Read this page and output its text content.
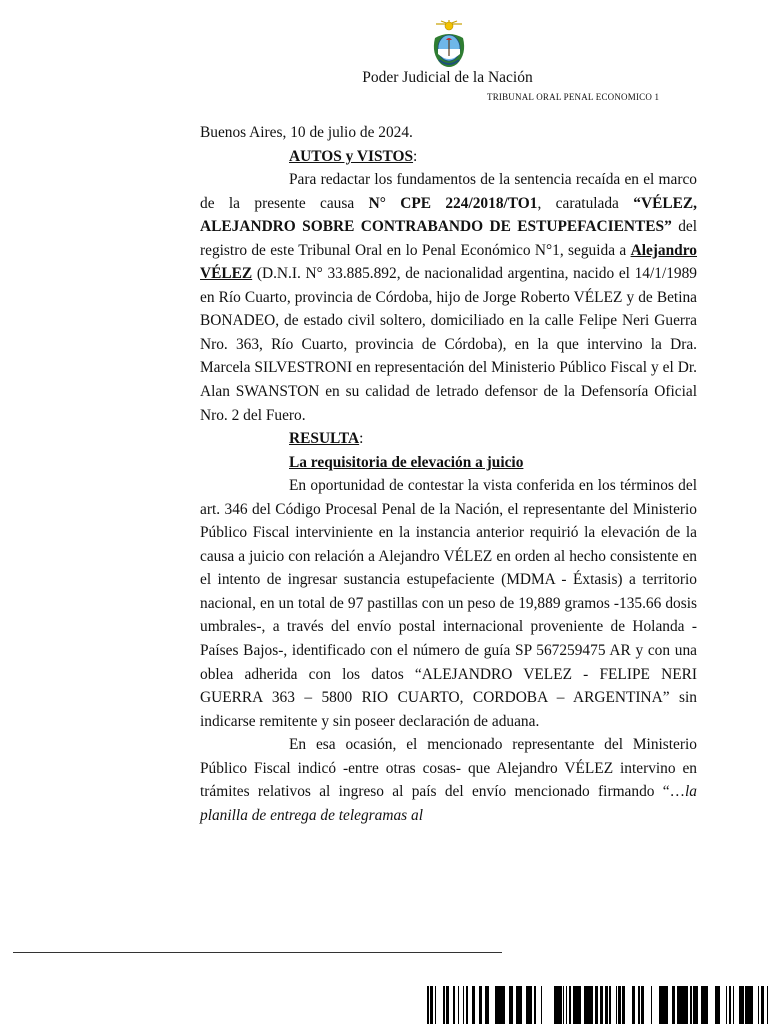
Poder Judicial de la Nación
TRIBUNAL ORAL PENAL ECONOMICO 1

Buenos Aires, 10 de julio de 2024.

AUTOS y VISTOS:

Para redactar los fundamentos de la sentencia recaída en el marco de la presente causa N° CPE 224/2018/TO1, caratulada “VÉLEZ, ALEJANDRO SOBRE CONTRABANDO DE ESTUPEFACIENTES” del registro de este Tribunal Oral en lo Penal Económico N°1, seguida a Alejandro VÉLEZ (D.N.I. N° 33.885.892, de nacionalidad argentina, nacido el 14/1/1989 en Río Cuarto, provincia de Córdoba, hijo de Jorge Roberto VÉLEZ y de Betina BONADEO, de estado civil soltero, domiciliado en la calle Felipe Neri Guerra Nro. 363, Río Cuarto, provincia de Córdoba), en la que intervino la Dra. Marcela SILVESTRONI en representación del Ministerio Público Fiscal y el Dr. Alan SWANSTON en su calidad de letrado defensor de la Defensoría Oficial Nro. 2 del Fuero.

RESULTA:

La requisitoria de elevación a juicio

En oportunidad de contestar la vista conferida en los términos del art. 346 del Código Procesal Penal de la Nación, el representante del Ministerio Público Fiscal interviniente en la instancia anterior requirió la elevación de la causa a juicio con relación a Alejandro VÉLEZ en orden al hecho consistente en el intento de ingresar sustancia estupefaciente (MDMA - Éxtasis) a territorio nacional, en un total de 97 pastillas con un peso de 19,889 gramos -135.66 dosis umbrales-, a través del envío postal internacional proveniente de Holanda -Países Bajos-, identificado con el número de guía SP 567259475 AR y con una oblea adherida con los datos “ALEJANDRO VELEZ - FELIPE NERI GUERRA 363 – 5800 RIO CUARTO, CORDOBA – ARGENTINA” sin indicarse remitente y sin poseer declaración de aduana.

En esa ocasión, el mencionado representante del Ministerio Público Fiscal indicó -entre otras cosas- que Alejandro VÉLEZ intervino en trámites relativos al ingreso al país del envío mencionado firmando “…la planilla de entrega de telegramas al
